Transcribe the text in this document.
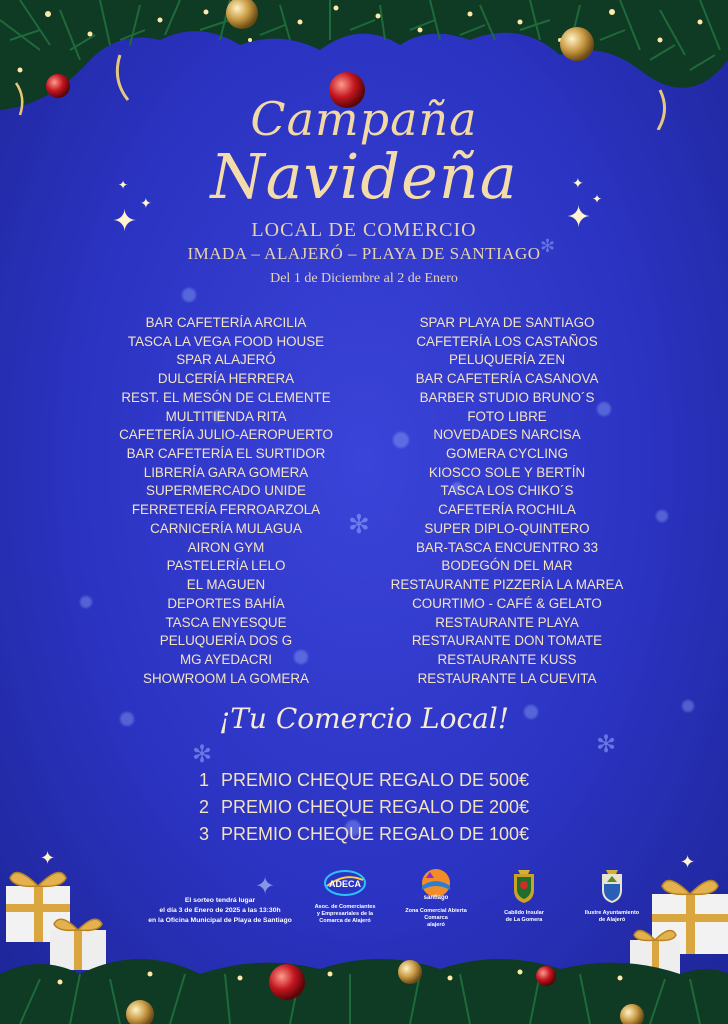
✻
✻	✻
✻
✦ ✦
✦
✦
✦
✦
✦	✦
✦
Campaña
Navideña
LOCAL DE COMERCIO
IMADA – ALAJERÓ – PLAYA DE SANTIAGO
Del 1 de Diciembre al 2 de Enero
BAR CAFETERÍA ARCILIA
TASCA LA VEGA FOOD HOUSE
SPAR ALAJERÓ
DULCERÍA HERRERA
REST. EL MESÓN DE CLEMENTE
MULTITIENDA RITA
CAFETERÍA JULIO-AEROPUERTO
BAR CAFETERÍA EL SURTIDOR
LIBRERÍA GARA GOMERA
SUPERMERCADO UNIDE
FERRETERÍA FERROARZOLA
CARNICERÍA MULAGUA
AIRON GYM
PASTELERÍA LELO
EL MAGUEN
DEPORTES BAHÍA
TASCA ENYESQUE
PELUQUERÍA DOS G
MG AYEDACRI
SHOWROOM LA GOMERA
SPAR PLAYA DE SANTIAGO
CAFETERÍA LOS CASTAÑOS
PELUQUERÍA ZEN
BAR CAFETERÍA CASANOVA
BARBER STUDIO BRUNO´S
FOTO LIBRE
NOVEDADES NARCISA
GOMERA CYCLING
KIOSCO SOLE Y BERTÍN
TASCA LOS CHIKO´S
CAFETERÍA ROCHILA
SUPER DIPLO-QUINTERO
BAR-TASCA ENCUENTRO 33
BODEGÓN DEL MAR
RESTAURANTE PIZZERÍA LA MAREA
COURTIMO - CAFÉ & GELATO
RESTAURANTE PLAYA
RESTAURANTE DON TOMATE
RESTAURANTE KUSS
RESTAURANTE LA CUEVITA
¡Tu Comercio Local!
1 PREMIO CHEQUE REGALO DE 500€
2 PREMIO CHEQUE REGALO DE 200€
3 PREMIO CHEQUE REGALO DE 100€
El sorteo tendrá lugar
el día 3 de Enero de 2025 a las 13:30h
en la Oficina Municipal de Playa de Santiago
ADECA
Asoc. de Comerciantes
y Empresariales de la
Comarca de Alajeró
santiago
Zona Comercial Abierta
Comarca
alajeró
Cabildo Insular
de La Gomera
Ilustre Ayuntamiento
de Alajeró
